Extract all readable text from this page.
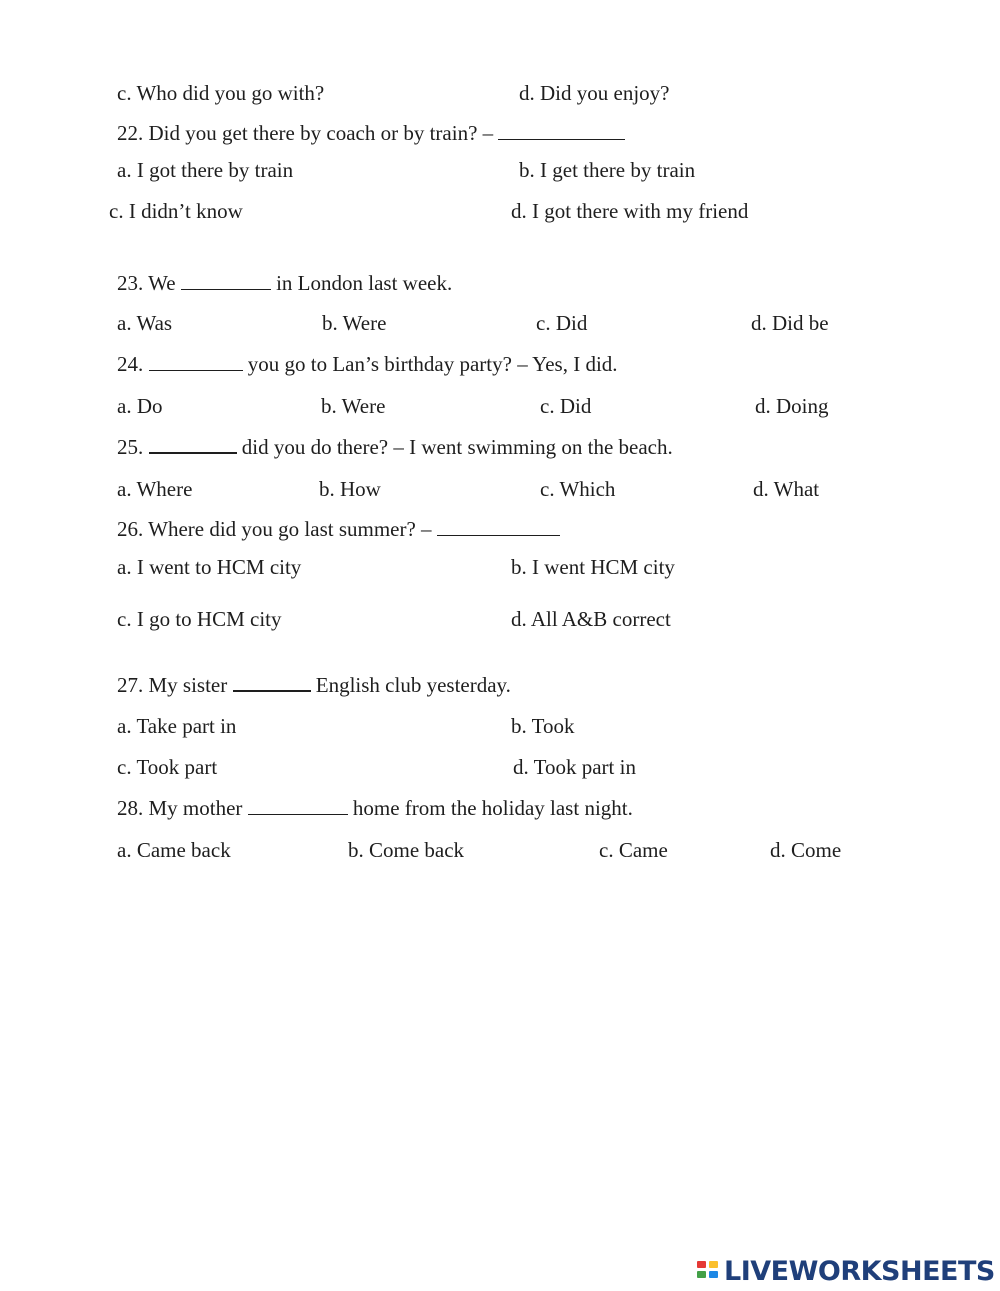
c. Who did you go with?	d. Did you enjoy?
22. Did you get there by coach or by train? –
a. I got there by train	b. I get there by train
c. I didn’t know	d. I got there with my friend
23. We	in London last week.
a. Was	b. Were	c. Did	d. Did be
24.	you go to Lan’s birthday party? – Yes, I did.
a. Do	b. Were	c. Did	d. Doing
25.	did you do there? – I went swimming on the beach.
a. Where	b. How	c. Which	d. What
26. Where did you go last summer? –
a. I went to HCM city	b. I went HCM city
c. I go to HCM city	d. All A&B correct
27. My sister	English club yesterday.
a. Take part in	b. Took
c. Took part	d. Took part in
28. My mother	home from the holiday last night.
a. Came back	b. Come back	c. Came	d. Come
LIVEWORKSHEETS
